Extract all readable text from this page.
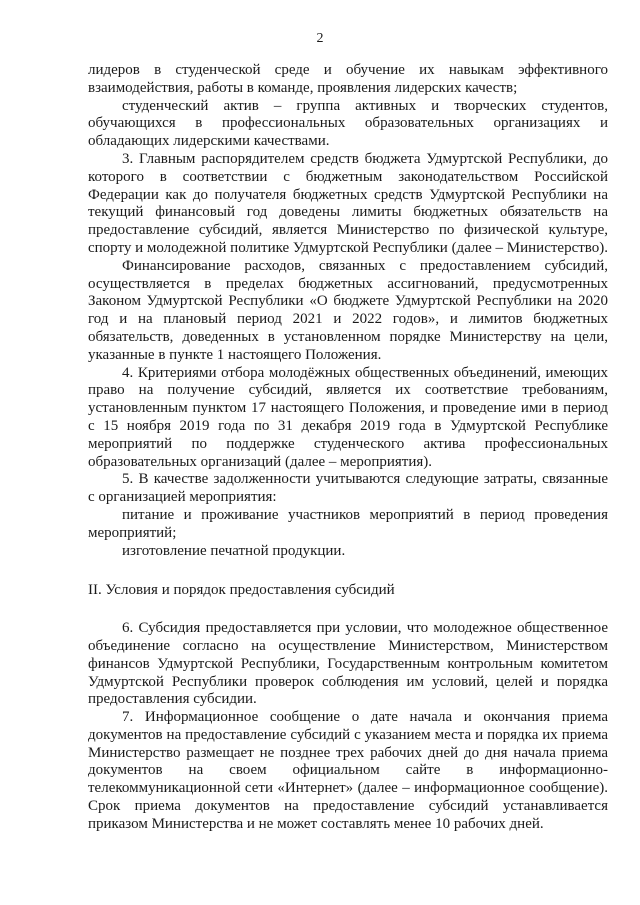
2

лидеров в студенческой среде и обучение их навыкам эффективного взаимодействия, работы в команде, проявления лидерских качеств;

студенческий актив – группа активных и творческих студентов, обучающихся в профессиональных образовательных организациях и обладающих лидерскими качествами.

3. Главным распорядителем средств бюджета Удмуртской Республики, до которого в соответствии с бюджетным законодательством Российской Федерации как до получателя бюджетных средств Удмуртской Республики на текущий финансовый год доведены лимиты бюджетных обязательств на предоставление субсидий, является Министерство по физической культуре, спорту и молодежной политике Удмуртской Республики (далее – Министерство).

Финансирование расходов, связанных с предоставлением субсидий, осуществляется в пределах бюджетных ассигнований, предусмотренных Законом Удмуртской Республики «О бюджете Удмуртской Республики на 2020 год и на плановый период 2021 и 2022 годов», и лимитов бюджетных обязательств, доведенных в установленном порядке Министерству на цели, указанные в пункте 1 настоящего Положения.

4. Критериями отбора молодёжных общественных объединений, имеющих право на получение субсидий, является их соответствие требованиям, установленным пунктом 17 настоящего Положения, и проведение ими в период с 15 ноября 2019 года по 31 декабря 2019 года в Удмуртской Республике мероприятий по поддержке студенческого актива профессиональных образовательных организаций (далее – мероприятия).

5. В качестве задолженности учитываются следующие затраты, связанные с организацией мероприятия:

питание и проживание участников мероприятий в период проведения мероприятий;

изготовление печатной продукции.

II. Условия и порядок предоставления субсидий

6. Субсидия предоставляется при условии, что молодежное общественное объединение согласно на осуществление Министерством, Министерством финансов Удмуртской Республики, Государственным контрольным комитетом Удмуртской Республики проверок соблюдения им условий, целей и порядка предоставления субсидии.

7. Информационное сообщение о дате начала и окончания приема документов на предоставление субсидий с указанием места и порядка их приема Министерство размещает не позднее трех рабочих дней до дня начала приема документов на своем официальном сайте в информационно-телекоммуникационной сети «Интернет» (далее – информационное сообщение). Срок приема документов на предоставление субсидий устанавливается приказом Министерства и не может составлять менее 10 рабочих дней.
